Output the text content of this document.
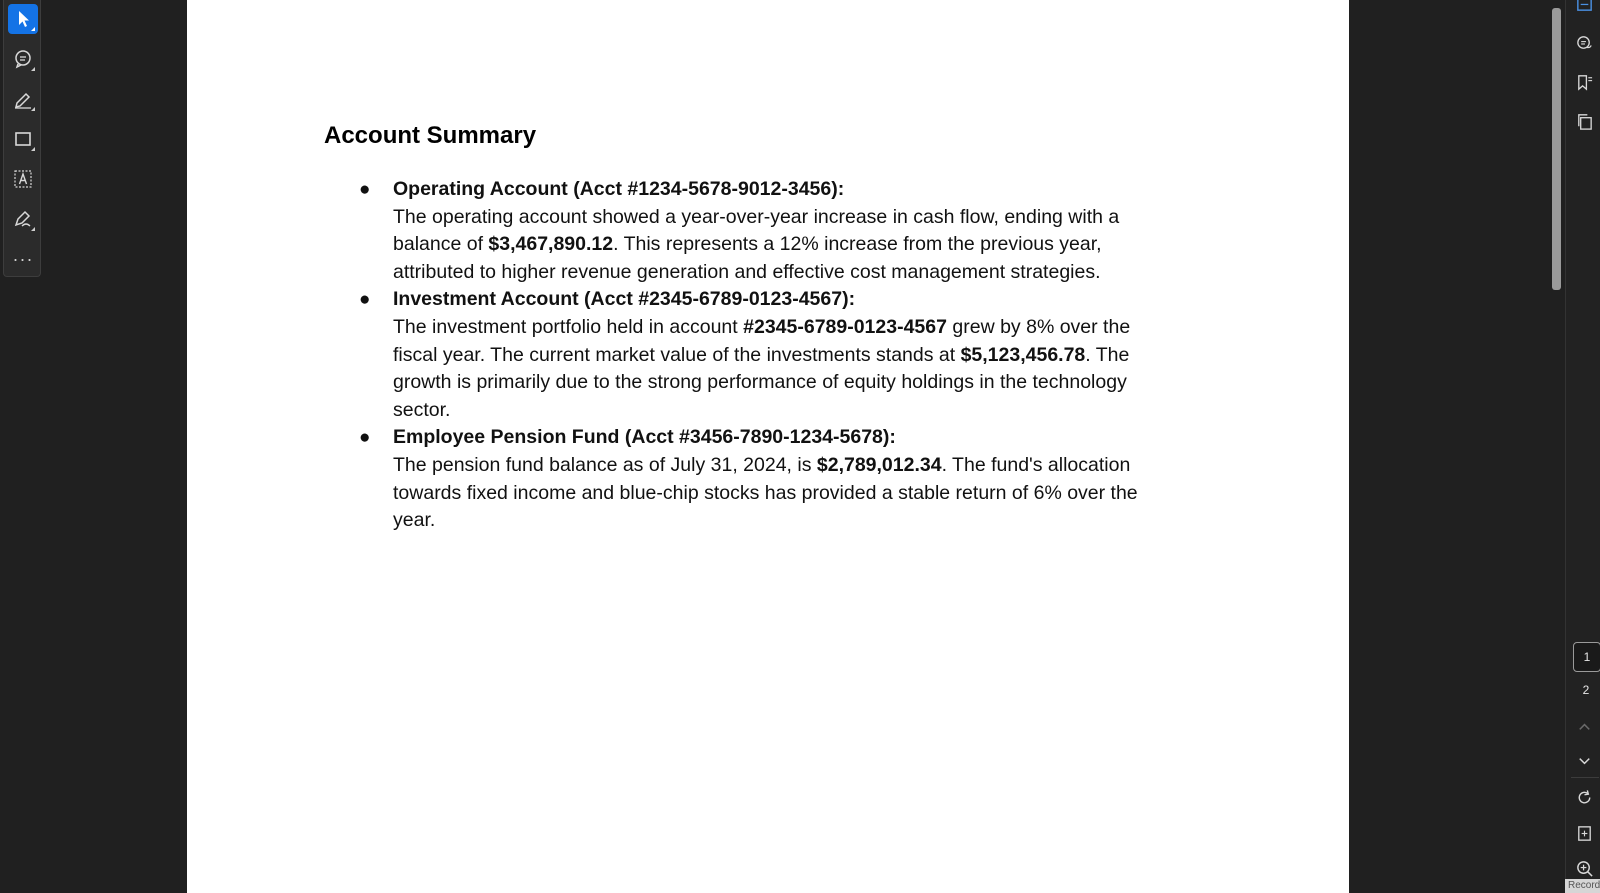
···
Account Summary
● Operating Account (Acct #1234-5678-9012-3456):
The operating account showed a year-over-year increase in cash flow, ending with a balance of $3,467,890.12. This represents a 12% increase from the previous year, attributed to higher revenue generation and effective cost management strategies.
● Investment Account (Acct #2345-6789-0123-4567):
The investment portfolio held in account #2345-6789-0123-4567 grew by 8% over the fiscal year. The current market value of the investments stands at $5,123,456.78. The growth is primarily due to the strong performance of equity holdings in the technology sector.
● Employee Pension Fund (Acct #3456-7890-1234-5678):
The pension fund balance as of July 31, 2024, is $2,789,012.34. The fund's allocation towards fixed income and blue-chip stocks has provided a stable return of 6% over the year.
1
2
Record
